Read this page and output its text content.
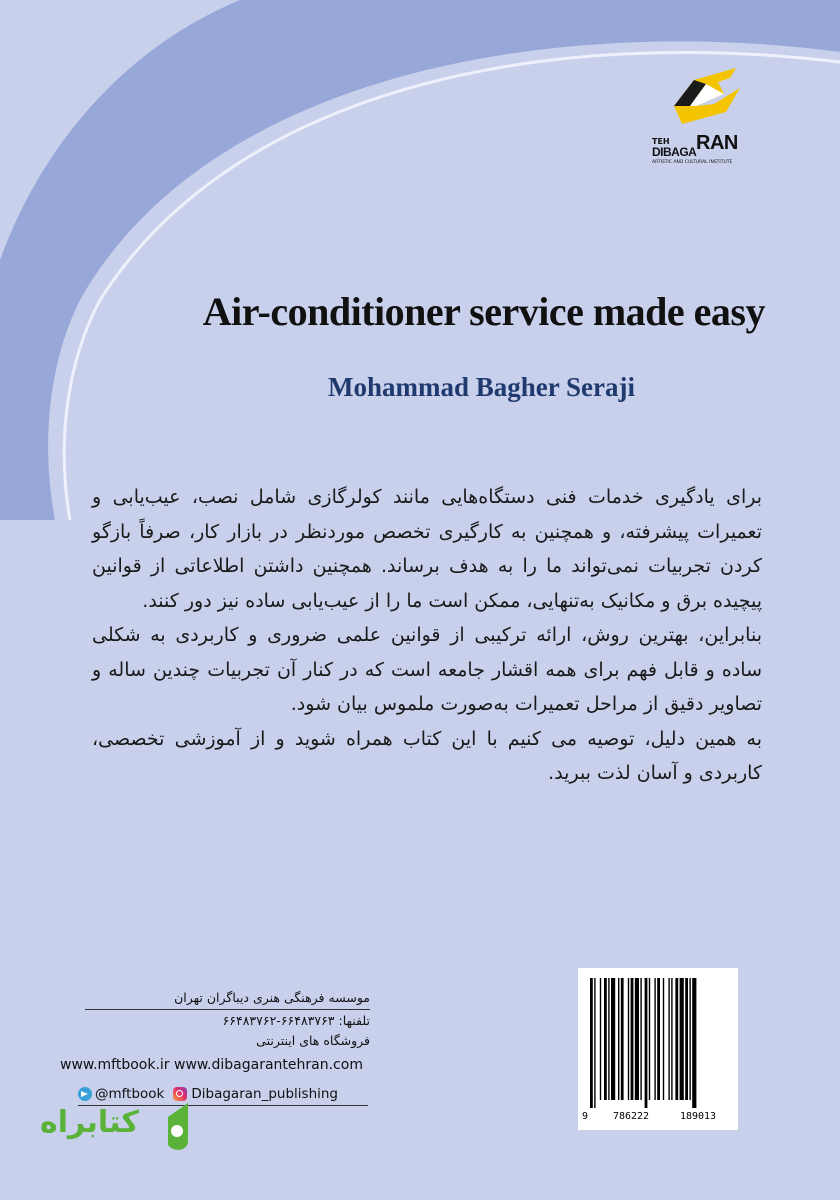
TEH
DIBAGA RAN
ARTISTIC AND CULTURAL INSTITUTE
Air-conditioner service made easy
Mohammad Bagher Seraji

برای یادگیری خدمات فنی دستگاه‌هایی مانند کولرگازی شامل نصب، عیب‌یابی و تعمیرات پیشرفته، و همچنین به کارگیری تخصص موردنظر در بازار کار، صرفاً بازگو کردن تجربیات نمی‌تواند ما را به هدف برساند. همچنین داشتن اطلاعاتی از قوانین پیچیده برق و مکانیک به‌تنهایی، ممکن است ما را از عیب‌یابی ساده نیز دور کنند.

بنابراین، بهترین روش، ارائه ترکیبی از قوانین علمی ضروری و کاربردی به شکلی ساده و قابل فهم برای همه اقشار جامعه است که در کنار آن تجربیات چندین ساله و تصاویر دقیق از مراحل تعمیرات به‌صورت ملموس بیان شود.

به همین دلیل، توصیه می کنیم با این کتاب همراه شوید و از آموزشی تخصصی، کاربردی و آسان لذت ببرید.

موسسه فرهنگی هنری دیباگران تهران
تلفنها: ۶۶۴۸۳۷۶۳-۶۶۴۸۳۷۶۲
فروشگاه های اینترنتی
www.mftbook.ir www.dibagarantehran.com
@mftbook Dibagaran_publishing
کتابراه	9	786222	189013
